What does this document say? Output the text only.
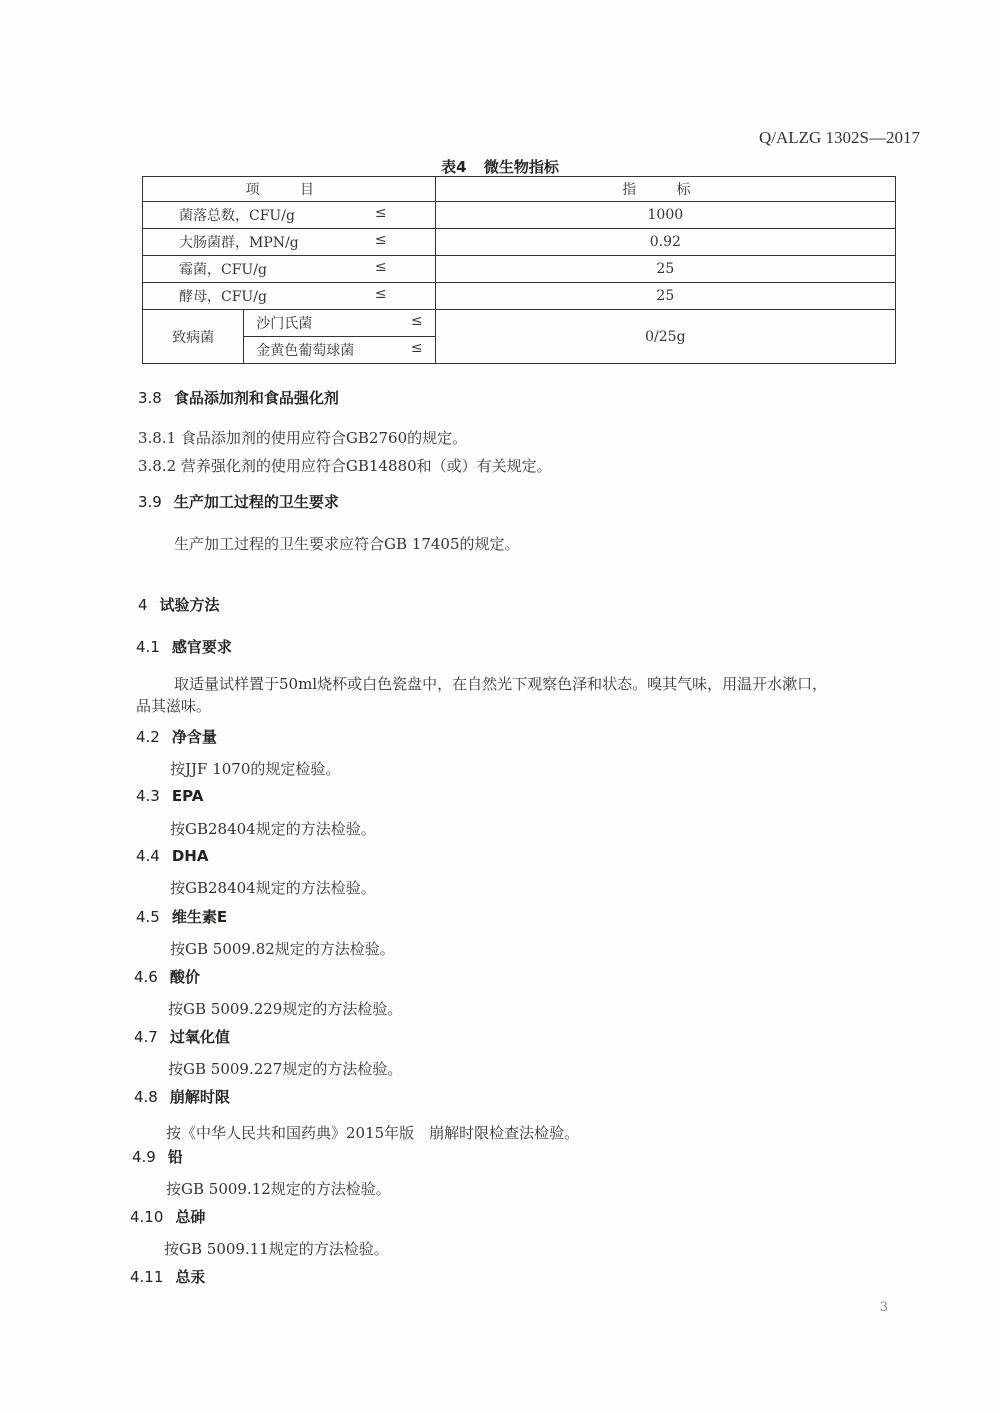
Q/ALZG 1302S—2017
表4 微生物指标
项 目		指 标
菌落总数，CFU/g ≤		1000
大肠菌群，MPN/g ≤		0.92
霉菌，CFU/g ≤		25
酵母，CFU/g ≤		25
致病菌	沙门氏菌 ≤	0/25g
	金黄色葡萄球菌 ≤	
3.8 食品添加剂和食品强化剂
3.8.1 食品添加剂的使用应符合GB2760的规定。
3.8.2 营养强化剂的使用应符合GB14880和（或）有关规定。
3.9 生产加工过程的卫生要求
生产加工过程的卫生要求应符合GB 17405的规定。
4 试验方法
4.1 感官要求
取适量试样置于50ml烧杯或白色瓷盘中，在自然光下观察色泽和状态。嗅其气味，用温开水漱口，
品其滋味。
4.2 净含量
按JJF 1070的规定检验。
4.3 EPA
按GB28404规定的方法检验。
4.4 DHA
按GB28404规定的方法检验。
4.5 维生素E
按GB 5009.82规定的方法检验。
4.6 酸价
按GB 5009.229规定的方法检验。
4.7 过氧化值
按GB 5009.227规定的方法检验。
4.8 崩解时限
按《中华人民共和国药典》2015年版　崩解时限检查法检验。
4.9 铅
按GB 5009.12规定的方法检验。
4.10 总砷
按GB 5009.11规定的方法检验。
4.11 总汞
3
